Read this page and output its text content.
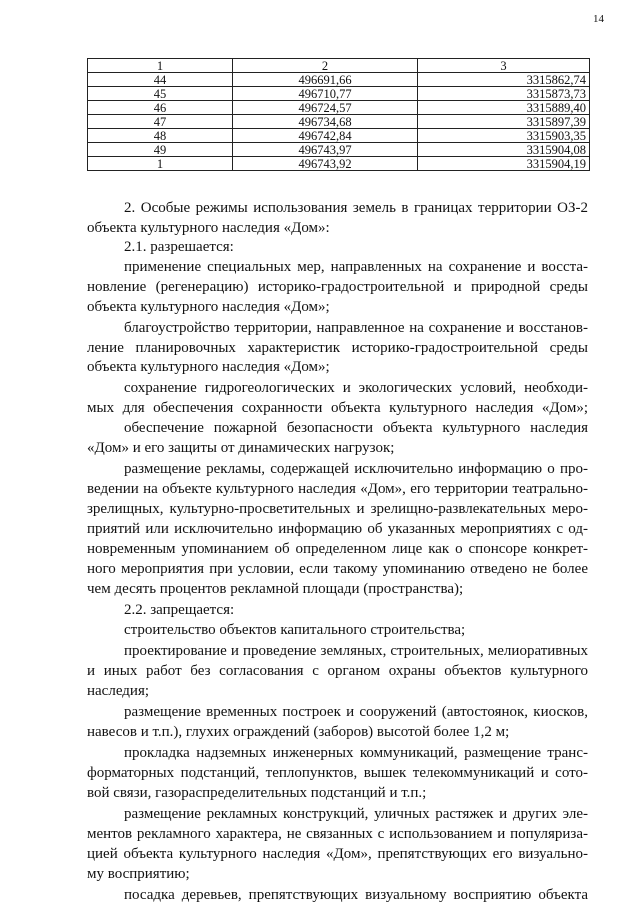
14
1	2	3
44	496691,66	3315862,74
45	496710,77	3315873,73
46	496724,57	3315889,40
47	496734,68	3315897,39
48	496742,84	3315903,35
49	496743,97	3315904,08
1	496743,92	3315904,19
2. Особые режимы использования земель в границах территории ОЗ-2
объекта культурного наследия «Дом»:
2.1. разрешается:
применение специальных мер, направленных на сохранение и восста-
новление (регенерацию) историко-градостроительной и природной среды
объекта культурного наследия «Дом»;
благоустройство территории, направленное на сохранение и восстанов-
ление планировочных характеристик историко-градостроительной среды
объекта культурного наследия «Дом»;
сохранение гидрогеологических и экологических условий, необходи-
мых для обеспечения сохранности объекта культурного наследия «Дом»;
обеспечение пожарной безопасности объекта культурного наследия
«Дом» и его защиты от динамических нагрузок;
размещение рекламы, содержащей исключительно информацию о про-
ведении на объекте культурного наследия «Дом», его территории театрально-
зрелищных, культурно-просветительных и зрелищно-развлекательных меро-
приятий или исключительно информацию об указанных мероприятиях с од-
новременным упоминанием об определенном лице как о спонсоре конкрет-
ного мероприятия при условии, если такому упоминанию отведено не более
чем десять процентов рекламной площади (пространства);
2.2. запрещается:
строительство объектов капитального строительства;
проектирование и проведение земляных, строительных, мелиоративных
и иных работ без согласования с органом охраны объектов культурного
наследия;
размещение временных построек и сооружений (автостоянок, киосков,
навесов и т.п.), глухих ограждений (заборов) высотой более 1,2 м;
прокладка надземных инженерных коммуникаций, размещение транс-
форматорных подстанций, теплопунктов, вышек телекоммуникаций и сото-
вой связи, газораспределительных подстанций и т.п.;
размещение рекламных конструкций, уличных растяжек и других эле-
ментов рекламного характера, не связанных с использованием и популяриза-
цией объекта культурного наследия «Дом», препятствующих его визуально-
му восприятию;
посадка деревьев, препятствующих визуальному восприятию объекта
